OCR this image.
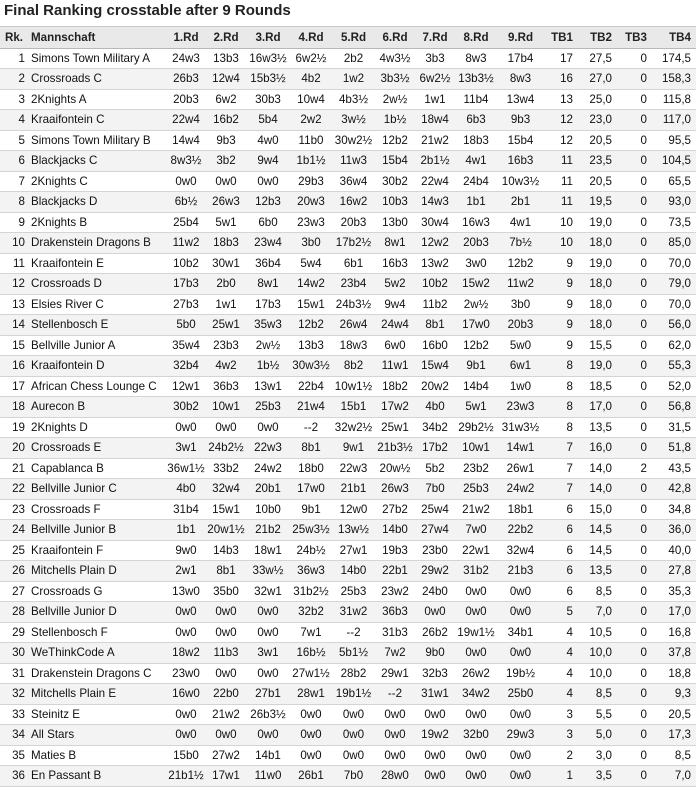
Final Ranking crosstable after 9 Rounds
Rk.	Mannschaft	1.Rd	2.Rd	3.Rd	4.Rd	5.Rd	6.Rd	7.Rd	8.Rd	9.Rd	TB1	TB2	TB3	TB4
1	Simons Town Military A	24w3	13b3	16w3½	6w2½	2b2	4w3½	3b3	8w3	17b4	17	27,5	0	174,5
2	Crossroads C	26b3	12w4	15b3½	4b2	1w2	3b3½	6w2½	13b3½	8w3	16	27,0	0	158,3
3	2Knights A	20b3	6w2	30b3	10w4	4b3½	2w½	1w1	11b4	13w4	13	25,0	0	115,8
4	Kraaifontein C	22w4	16b2	5b4	2w2	3w½	1b½	18w4	6b3	9b3	12	23,0	0	117,0
5	Simons Town Military B	14w4	9b3	4w0	11b0	30w2½	12b2	21w2	18b3	15b4	12	20,5	0	95,5
6	Blackjacks C	8w3½	3b2	9w4	1b1½	11w3	15b4	2b1½	4w1	16b3	11	23,5	0	104,5
7	2Knights C	0w0	0w0	0w0	29b3	36w4	30b2	22w4	24b4	10w3½	11	20,5	0	65,5
8	Blackjacks D	6b½	26w3	12b3	20w3	16w2	10b3	14w3	1b1	2b1	11	19,5	0	93,0
9	2Knights B	25b4	5w1	6b0	23w3	20b3	13b0	30w4	16w3	4w1	10	19,0	0	73,5
10	Drakenstein Dragons B	11w2	18b3	23w4	3b0	17b2½	8w1	12w2	20b3	7b½	10	18,0	0	85,0
11	Kraaifontein E	10b2	30w1	36b4	5w4	6b1	16b3	13w2	3w0	12b2	9	19,0	0	70,0
12	Crossroads D	17b3	2b0	8w1	14w2	23b4	5w2	10b2	15w2	11w2	9	18,0	0	79,0
13	Elsies River C	27b3	1w1	17b3	15w1	24b3½	9w4	11b2	2w½	3b0	9	18,0	0	70,0
14	Stellenbosch E	5b0	25w1	35w3	12b2	26w4	24w4	8b1	17w0	20b3	9	18,0	0	56,0
15	Bellville Junior A	35w4	23b3	2w½	13b3	18w3	6w0	16b0	12b2	5w0	9	15,5	0	62,0
16	Kraaifontein D	32b4	4w2	1b½	30w3½	8b2	11w1	15w4	9b1	6w1	8	19,0	0	55,3
17	African Chess Lounge C	12w1	36b3	13w1	22b4	10w1½	18b2	20w2	14b4	1w0	8	18,5	0	52,0
18	Aurecon B	30b2	10w1	25b3	21w4	15b1	17w2	4b0	5w1	23w3	8	17,0	0	56,8
19	2Knights D	0w0	0w0	0w0	--2	32w2½	25w1	34b2	29b2½	31w3½	8	13,5	0	31,5
20	Crossroads E	3w1	24b2½	22w3	8b1	9w1	21b3½	17b2	10w1	14w1	7	16,0	0	51,8
21	Capablanca B	36w1½	33b2	24w2	18b0	22w3	20w½	5b2	23b2	26w1	7	14,0	2	43,5
22	Bellville Junior C	4b0	32w4	20b1	17w0	21b1	26w3	7b0	25b3	24w2	7	14,0	0	42,8
23	Crossroads F	31b4	15w1	10b0	9b1	12w0	27b2	25w4	21w2	18b1	6	15,0	0	34,8
24	Bellville Junior B	1b1	20w1½	21b2	25w3½	13w½	14b0	27w4	7w0	22b2	6	14,5	0	36,0
25	Kraaifontein F	9w0	14b3	18w1	24b½	27w1	19b3	23b0	22w1	32w4	6	14,5	0	40,0
26	Mitchells Plain D	2w1	8b1	33w½	36w3	14b0	22b1	29w2	31b2	21b3	6	13,5	0	27,8
27	Crossroads G	13w0	35b0	32w1	31b2½	25b3	23w2	24b0	0w0	0w0	6	8,5	0	35,3
28	Bellville Junior D	0w0	0w0	0w0	32b2	31w2	36b3	0w0	0w0	0w0	5	7,0	0	17,0
29	Stellenbosch F	0w0	0w0	0w0	7w1	--2	31b3	26b2	19w1½	34b1	4	10,5	0	16,8
30	WeThinkCode A	18w2	11b3	3w1	16b½	5b1½	7w2	9b0	0w0	0w0	4	10,0	0	37,8
31	Drakenstein Dragons C	23w0	0w0	0w0	27w1½	28b2	29w1	32b3	26w2	19b½	4	10,0	0	18,8
32	Mitchells Plain E	16w0	22b0	27b1	28w1	19b1½	--2	31w1	34w2	25b0	4	8,5	0	9,3
33	Steinitz E	0w0	21w2	26b3½	0w0	0w0	0w0	0w0	0w0	0w0	3	5,5	0	20,5
34	All Stars	0w0	0w0	0w0	0w0	0w0	0w0	19w2	32b0	29w3	3	5,0	0	17,3
35	Maties B	15b0	27w2	14b1	0w0	0w0	0w0	0w0	0w0	0w0	2	3,0	0	8,5
36	En Passant B	21b1½	17w1	11w0	26b1	7b0	28w0	0w0	0w0	0w0	1	3,5	0	7,0
